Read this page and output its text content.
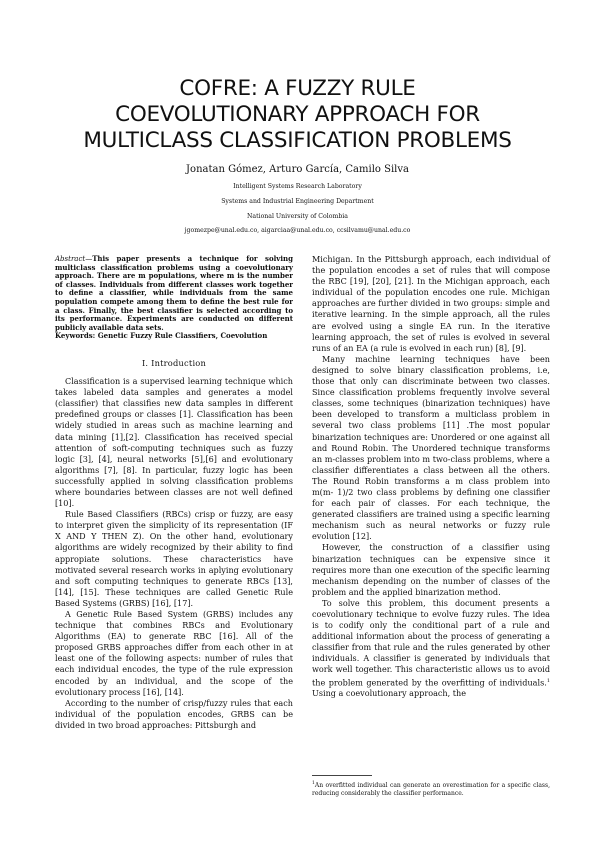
COFRE: A FUZZY RULE
COEVOLUTIONARY APPROACH FOR
MULTICLASS CLASSIFICATION PROBLEMS
Jonatan Gómez, Arturo García, Camilo Silva
Intelligent Systems Research Laboratory
Systems and Industrial Engineering Department
National University of Colombia
jgomezpe@unal.edu.co, aigarciaa@unal.edu.co, ccsilvamu@unal.edu.co
Abstract—This paper presents a technique for solving multiclass classification problems using a coevolutionary approach. There are m populations, where m is the number of classes. Individuals from different classes work together to define a classifier, while individuals from the same population compete among them to define the best rule for a class. Finally, the best classifier is selected according to its performance. Experiments are conducted on different publicly available data sets.
Keywords: Genetic Fuzzy Rule Classifiers, Coevolution
I. Introduction

Classification is a supervised learning technique which takes labeled data samples and generates a model (classifier) that classifies new data samples in different predefined groups or classes [1]. Classification has been widely studied in areas such as machine learning and data mining [1],[2]. Classification has received special attention of soft-computing techniques such as fuzzy logic [3], [4], neural networks [5],[6] and evolutionary algorithms [7], [8]. In particular, fuzzy logic has been successfully applied in solving classification problems where boundaries between classes are not well defined [10].

Rule Based Classifiers (RBCs) crisp or fuzzy, are easy to interpret given the simplicity of its representation (IF X AND Y THEN Z). On the other hand, evolutionary algorithms are widely recognized by their ability to find appropiate solutions. These characteristics have motivated several research works in aplying evolutionary and soft computing techniques to generate RBCs [13], [14], [15]. These techniques are called Genetic Rule Based Systems (GRBS) [16], [17].

A Genetic Rule Based System (GRBS) includes any technique that combines RBCs and Evolutionary Algorithms (EA) to generate RBC [16]. All of the proposed GRBS approaches differ from each other in at least one of the following aspects: number of rules that each individual encodes, the type of the rule expression encoded by an individual, and the scope of the evolutionary process [16], [14].

According to the number of crisp/fuzzy rules that each individual of the population encodes, GRBS can be divided in two broad approaches: Pittsburgh and

Michigan. In the Pittsburgh approach, each individual of the population encodes a set of rules that will compose the RBC [19], [20], [21]. In the Michigan approach, each individual of the population encodes one rule. Michigan approaches are further divided in two groups: simple and iterative learning. In the simple approach, all the rules are evolved using a single EA run. In the iterative learning approach, the set of rules is evolved in several runs of an EA (a rule is evolved in each run) [8], [9].

Many machine learning techniques have been designed to solve binary classification problems, i.e, those that only can discriminate between two classes. Since classification problems frequently involve several classes, some techniques (binarization techniques) have been developed to transform a multiclass problem in several two class problems [11] .The most popular binarization techniques are: Unordered or one against all and Round Robin. The Unordered technique transforms an m-classes problem into m two-class problems, where a classifier differentiates a class between all the others. The Round Robin transforms a m class problem into m(m- 1)/2 two class problems by defining one classifier for each pair of classes. For each technique, the generated classifiers are trained using a specific learning mechanism such as neural networks or fuzzy rule evolution [12].

However, the construction of a classifier using binarization techniques can be expensive since it requires more than one execution of the specific learning mechanism depending on the number of classes of the problem and the applied binarization method.

To solve this problem, this document presents a coevolutionary technique to evolve fuzzy rules. The idea is to codify only the conditional part of a rule and additional information about the process of generating a classifier from that rule and the rules generated by other individuals. A classifier is generated by individuals that work well together. This characteristic allows us to avoid the problem generated by the overfitting of individuals.$^1$ Using a coevolutionary approach, the

$^1$An overfitted individual can generate an overestimation for a specific class, reducing considerably the classifier performance.
